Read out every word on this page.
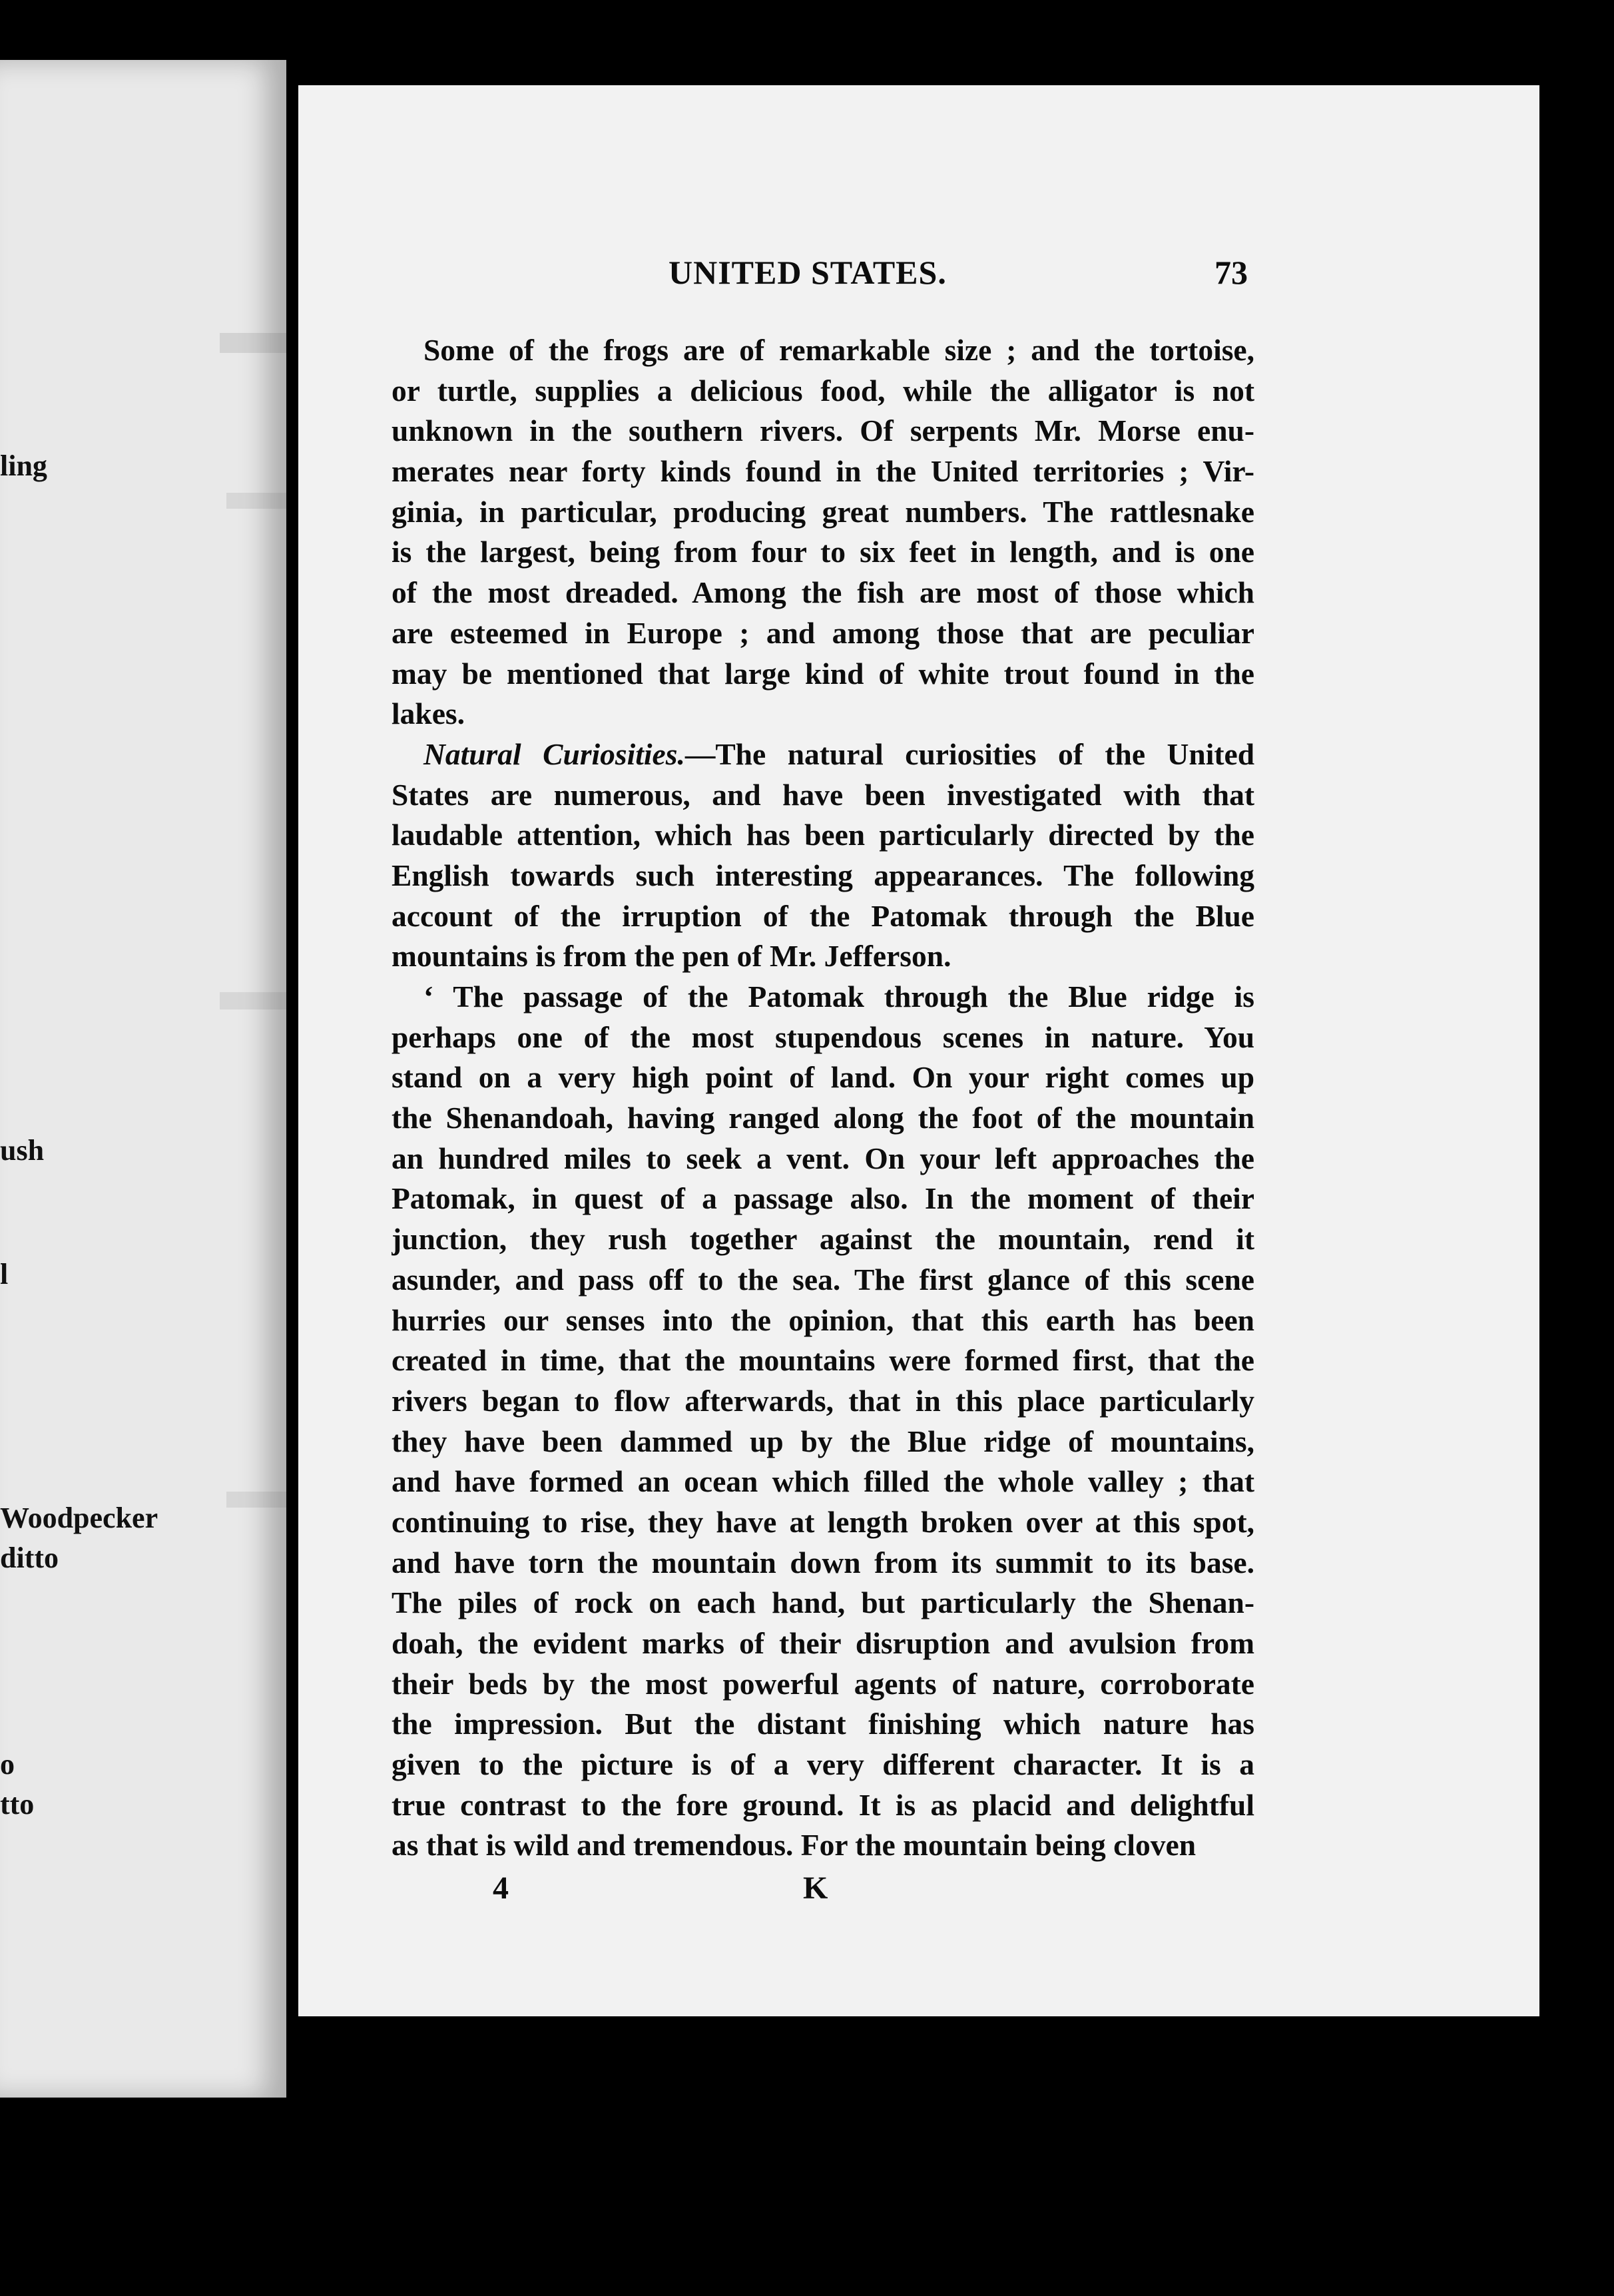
ling
ush
l
Woodpecker
ditto
o
tto
UNITED STATES.	73
Some of the frogs are of remarkable size ; and the tortoise,
or turtle, supplies a delicious food, while the alligator is not
unknown in the southern rivers. Of serpents Mr. Morse enu-
merates near forty kinds found in the United territories ; Vir-
ginia, in particular, producing great numbers. The rattlesnake
is the largest, being from four to six feet in length, and is one
of the most dreaded. Among the fish are most of those which
are esteemed in Europe ; and among those that are peculiar
may be mentioned that large kind of white trout found in the
lakes.
Natural Curiosities.—The natural curiosities of the United
States are numerous, and have been investigated with that
laudable attention, which has been particularly directed by the
English towards such interesting appearances. The following
account of the irruption of the Patomak through the Blue
mountains is from the pen of Mr. Jefferson.
‘ The passage of the Patomak through the Blue ridge is
perhaps one of the most stupendous scenes in nature. You
stand on a very high point of land. On your right comes up
the Shenandoah, having ranged along the foot of the mountain
an hundred miles to seek a vent. On your left approaches the
Patomak, in quest of a passage also. In the moment of their
junction, they rush together against the mountain, rend it
asunder, and pass off to the sea. The first glance of this scene
hurries our senses into the opinion, that this earth has been
created in time, that the mountains were formed first, that the
rivers began to flow afterwards, that in this place particularly
they have been dammed up by the Blue ridge of mountains,
and have formed an ocean which filled the whole valley ; that
continuing to rise, they have at length broken over at this spot,
and have torn the mountain down from its summit to its base.
The piles of rock on each hand, but particularly the Shenan-
doah, the evident marks of their disruption and avulsion from
their beds by the most powerful agents of nature, corroborate
the impression. But the distant finishing which nature has
given to the picture is of a very different character. It is a
true contrast to the fore ground. It is as placid and delightful
as that is wild and tremendous. For the mountain being cloven
4	K
